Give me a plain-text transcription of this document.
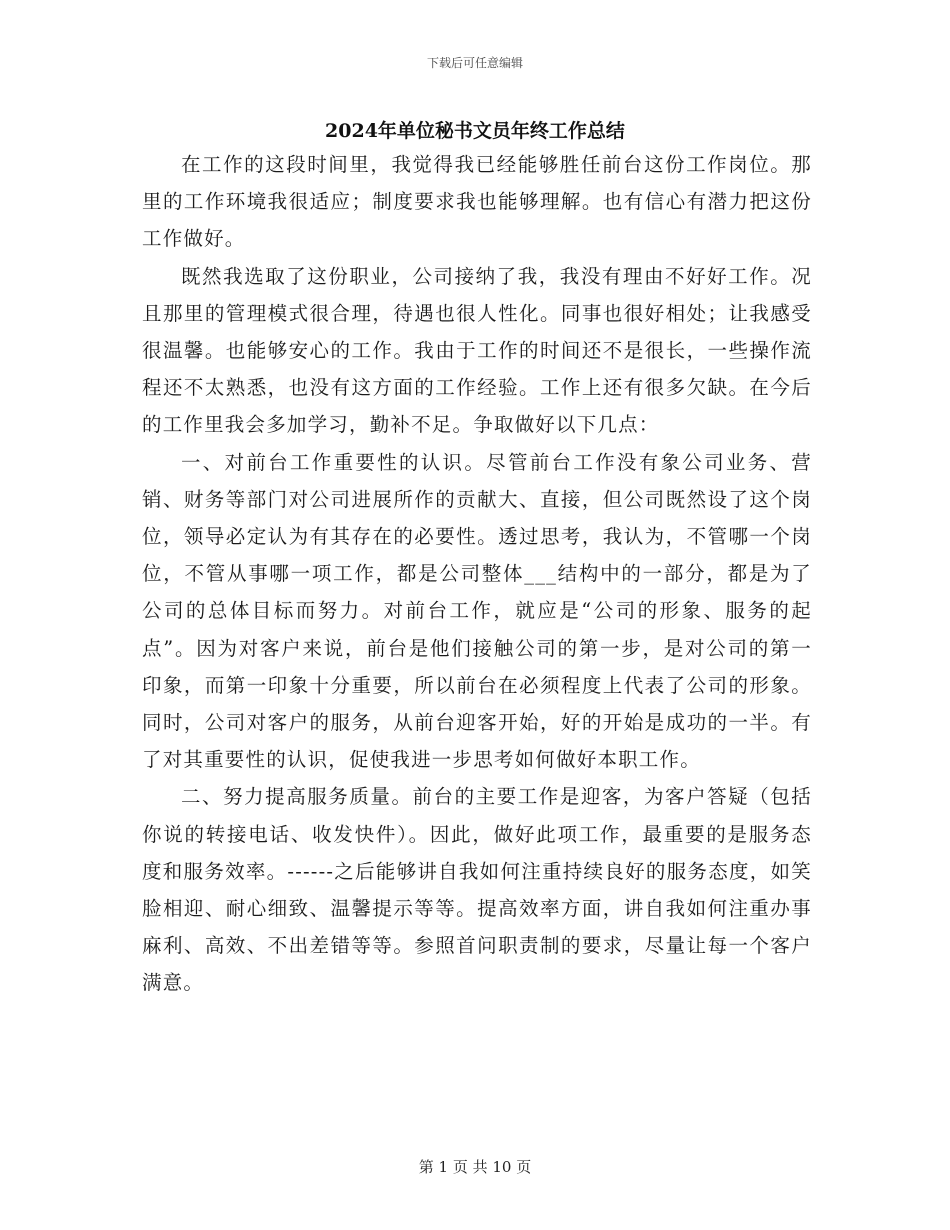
下载后可任意编辑
2024年单位秘书文员年终工作总结

在工作的这段时间里，我觉得我已经能够胜任前台这份工作岗位。那里的工作环境我很适应；制度要求我也能够理解。也有信心有潜力把这份工作做好。

既然我选取了这份职业，公司接纳了我，我没有理由不好好工作。况且那里的管理模式很合理，待遇也很人性化。同事也很好相处；让我感受很温馨。也能够安心的工作。我由于工作的时间还不是很长，一些操作流程还不太熟悉，也没有这方面的工作经验。工作上还有很多欠缺。在今后的工作里我会多加学习，勤补不足。争取做好以下几点：

一、对前台工作重要性的认识。尽管前台工作没有象公司业务、营销、财务等部门对公司进展所作的贡献大、直接，但公司既然设了这个岗位，领导必定认为有其存在的必要性。透过思考，我认为，不管哪一个岗位，不管从事哪一项工作，都是公司整体___结构中的一部分，都是为了公司的总体目标而努力。对前台工作，就应是“公司的形象、服务的起点”。因为对客户来说，前台是他们接触公司的第一步，是对公司的第一印象，而第一印象十分重要，所以前台在必须程度上代表了公司的形象。同时，公司对客户的服务，从前台迎客开始，好的开始是成功的一半。有了对其重要性的认识，促使我进一步思考如何做好本职工作。

二、努力提高服务质量。前台的主要工作是迎客，为客户答疑（包括你说的转接电话、收发快件）。因此，做好此项工作，最重要的是服务态度和服务效率。------之后能够讲自我如何注重持续良好的服务态度，如笑脸相迎、耐心细致、温馨提示等等。提高效率方面，讲自我如何注重办事麻利、高效、不出差错等等。参照首问职责制的要求，尽量让每一个客户满意。

第 1 页 共 10 页
